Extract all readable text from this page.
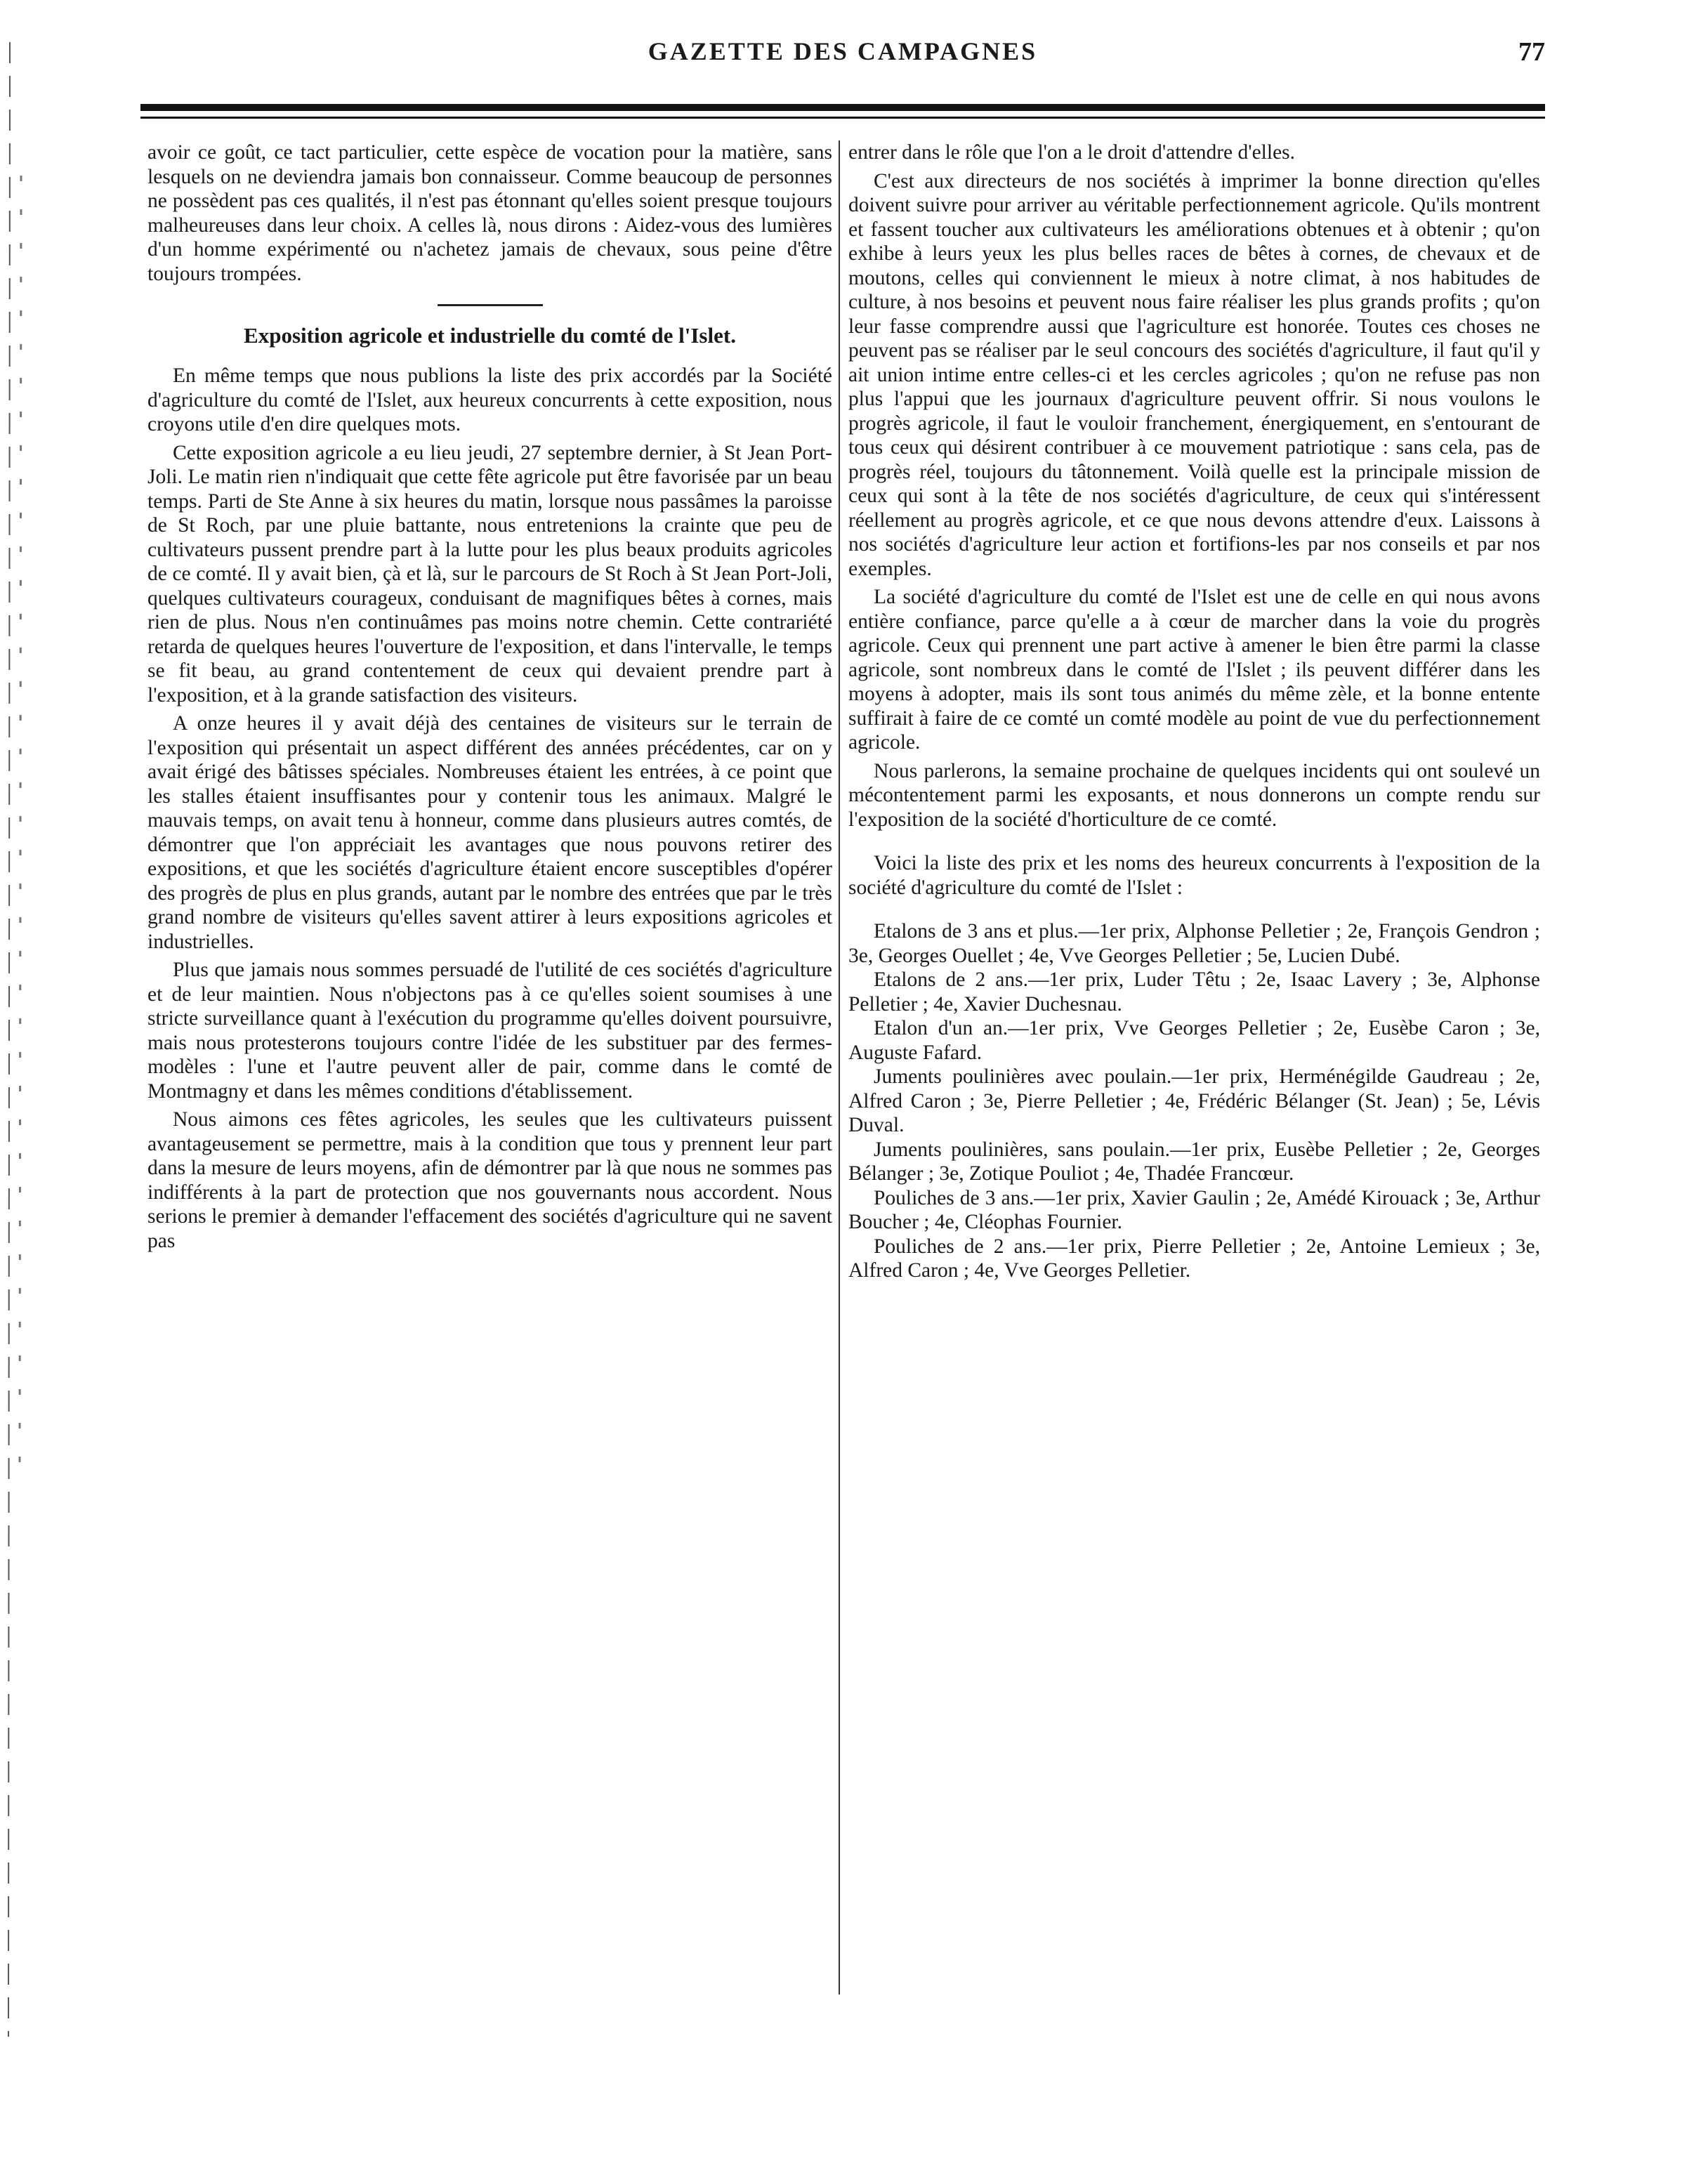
GAZETTE DES CAMPAGNES	77

avoir ce goût, ce tact particulier, cette espèce de vocation pour la matière, sans lesquels on ne deviendra jamais bon connaisseur. Comme beaucoup de personnes ne possèdent pas ces qualités, il n'est pas étonnant qu'elles soient presque toujours malheureuses dans leur choix. A celles là, nous dirons : Aidez-vous des lumières d'un homme expérimenté ou n'achetez jamais de chevaux, sous peine d'être toujours trompées.

Exposition agricole et industrielle du comté de l'Islet.

En même temps que nous publions la liste des prix accordés par la Société d'agriculture du comté de l'Islet, aux heureux concurrents à cette exposition, nous croyons utile d'en dire quelques mots.

Cette exposition agricole a eu lieu jeudi, 27 septembre dernier, à St Jean Port-Joli. Le matin rien n'indiquait que cette fête agricole put être favorisée par un beau temps. Parti de Ste Anne à six heures du matin, lorsque nous passâmes la paroisse de St Roch, par une pluie battante, nous entretenions la crainte que peu de cultivateurs pussent prendre part à la lutte pour les plus beaux produits agricoles de ce comté. Il y avait bien, çà et là, sur le parcours de St Roch à St Jean Port-Joli, quelques cultivateurs courageux, conduisant de magnifiques bêtes à cornes, mais rien de plus. Nous n'en continuâmes pas moins notre chemin. Cette contrariété retarda de quelques heures l'ouverture de l'exposition, et dans l'intervalle, le temps se fit beau, au grand contentement de ceux qui devaient prendre part à l'exposition, et à la grande satisfaction des visiteurs.

A onze heures il y avait déjà des centaines de visiteurs sur le terrain de l'exposition qui présentait un aspect différent des années précédentes, car on y avait érigé des bâtisses spéciales. Nombreuses étaient les entrées, à ce point que les stalles étaient insuffisantes pour y contenir tous les animaux. Malgré le mauvais temps, on avait tenu à honneur, comme dans plusieurs autres comtés, de démontrer que l'on appréciait les avantages que nous pouvons retirer des expositions, et que les sociétés d'agriculture étaient encore susceptibles d'opérer des progrès de plus en plus grands, autant par le nombre des entrées que par le très grand nombre de visiteurs qu'elles savent attirer à leurs expositions agricoles et industrielles.

Plus que jamais nous sommes persuadé de l'utilité de ces sociétés d'agriculture et de leur maintien. Nous n'objectons pas à ce qu'elles soient soumises à une stricte surveillance quant à l'exécution du programme qu'elles doivent poursuivre, mais nous protesterons toujours contre l'idée de les substituer par des fermes-modèles : l'une et l'autre peuvent aller de pair, comme dans le comté de Montmagny et dans les mêmes conditions d'établissement.

Nous aimons ces fêtes agricoles, les seules que les cultivateurs puissent avantageusement se permettre, mais à la condition que tous y prennent leur part dans la mesure de leurs moyens, afin de démontrer par là que nous ne sommes pas indifférents à la part de protection que nos gouvernants nous accordent. Nous serions le premier à demander l'effacement des sociétés d'agriculture qui ne savent pas

entrer dans le rôle que l'on a le droit d'attendre d'elles.

C'est aux directeurs de nos sociétés à imprimer la bonne direction qu'elles doivent suivre pour arriver au véritable perfectionnement agricole. Qu'ils montrent et fassent toucher aux cultivateurs les améliorations obtenues et à obtenir ; qu'on exhibe à leurs yeux les plus belles races de bêtes à cornes, de chevaux et de moutons, celles qui conviennent le mieux à notre climat, à nos habitudes de culture, à nos besoins et peuvent nous faire réaliser les plus grands profits ; qu'on leur fasse comprendre aussi que l'agriculture est honorée. Toutes ces choses ne peuvent pas se réaliser par le seul concours des sociétés d'agriculture, il faut qu'il y ait union intime entre celles-ci et les cercles agricoles ; qu'on ne refuse pas non plus l'appui que les journaux d'agriculture peuvent offrir. Si nous voulons le progrès agricole, il faut le vouloir franchement, énergiquement, en s'entourant de tous ceux qui désirent contribuer à ce mouvement patriotique : sans cela, pas de progrès réel, toujours du tâtonnement. Voilà quelle est la principale mission de ceux qui sont à la tête de nos sociétés d'agriculture, de ceux qui s'intéressent réellement au progrès agricole, et ce que nous devons attendre d'eux. Laissons à nos sociétés d'agriculture leur action et fortifions-les par nos conseils et par nos exemples.

La société d'agriculture du comté de l'Islet est une de celle en qui nous avons entière confiance, parce qu'elle a à cœur de marcher dans la voie du progrès agricole. Ceux qui prennent une part active à amener le bien être parmi la classe agricole, sont nombreux dans le comté de l'Islet ; ils peuvent différer dans les moyens à adopter, mais ils sont tous animés du même zèle, et la bonne entente suffirait à faire de ce comté un comté modèle au point de vue du perfectionnement agricole.

Nous parlerons, la semaine prochaine de quelques incidents qui ont soulevé un mécontentement parmi les exposants, et nous donnerons un compte rendu sur l'exposition de la société d'horticulture de ce comté.

Voici la liste des prix et les noms des heureux concurrents à l'exposition de la société d'agriculture du comté de l'Islet :

Etalons de 3 ans et plus.—1er prix, Alphonse Pelletier ; 2e, François Gendron ; 3e, Georges Ouellet ; 4e, Vve Georges Pelletier ; 5e, Lucien Dubé.

Etalons de 2 ans.—1er prix, Luder Têtu ; 2e, Isaac Lavery ; 3e, Alphonse Pelletier ; 4e, Xavier Duchesnau.

Etalon d'un an.—1er prix, Vve Georges Pelletier ; 2e, Eusèbe Caron ; 3e, Auguste Fafard.

Juments poulinières avec poulain.—1er prix, Herménégilde Gaudreau ; 2e, Alfred Caron ; 3e, Pierre Pelletier ; 4e, Frédéric Bélanger (St. Jean) ; 5e, Lévis Duval.

Juments poulinières, sans poulain.—1er prix, Eusèbe Pelletier ; 2e, Georges Bélanger ; 3e, Zotique Pouliot ; 4e, Thadée Francœur.

Pouliches de 3 ans.—1er prix, Xavier Gaulin ; 2e, Amédé Kirouack ; 3e, Arthur Boucher ; 4e, Cléophas Fournier.

Pouliches de 2 ans.—1er prix, Pierre Pelletier ; 2e, Antoine Lemieux ; 3e, Alfred Caron ; 4e, Vve Georges Pelletier.
